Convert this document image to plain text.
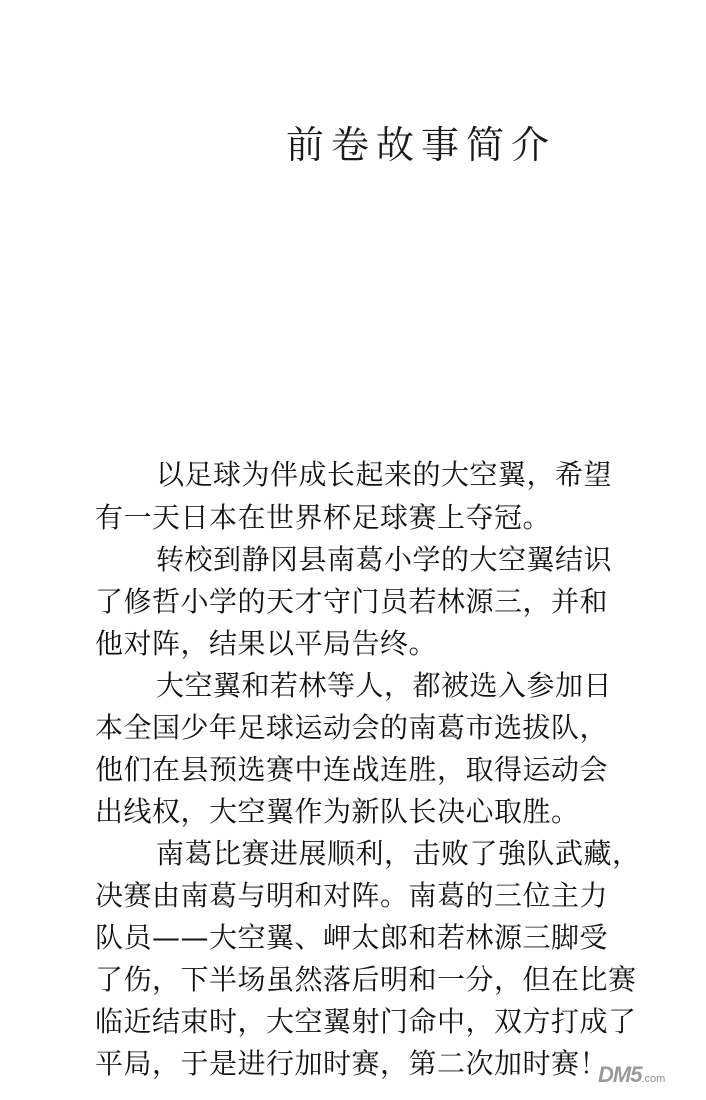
前卷故事简介
以足球为伴成长起来的大空翼，希望
有一天日本在世界杯足球赛上夺冠。
转校到静冈县南葛小学的大空翼结识
了修哲小学的天才守门员若林源三，并和
他对阵，结果以平局告终。
大空翼和若林等人，都被选入参加日
本全国少年足球运动会的南葛市选拔队，
他们在县预选赛中连战连胜，取得运动会
出线权，大空翼作为新队长决心取胜。
南葛比赛进展顺利，击败了強队武藏，
决赛由南葛与明和对阵。南葛的三位主力
队员——大空翼、岬太郎和若林源三脚受
了伤，下半场虽然落后明和一分，但在比赛
临近结束时，大空翼射门命中，双方打成了
平局，于是进行加时赛，第二次加时赛！
DM5.com
